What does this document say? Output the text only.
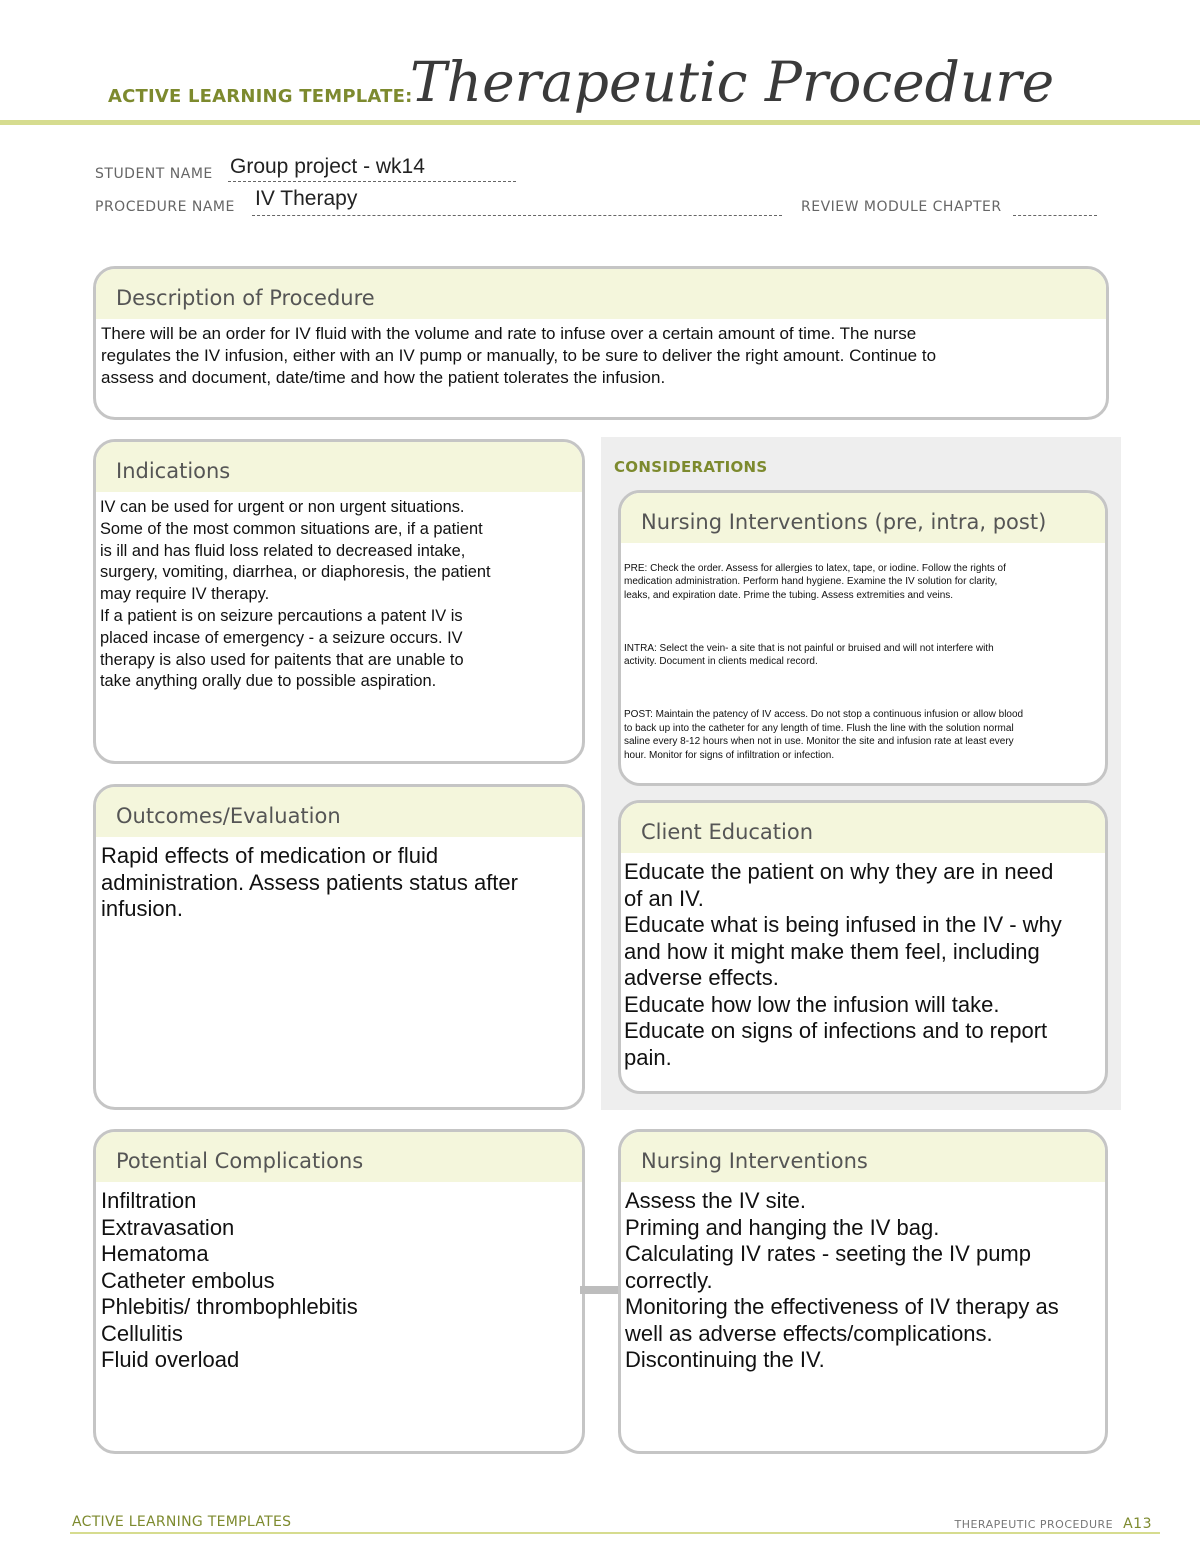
ACTIVE LEARNING TEMPLATE:
Therapeutic Procedure
STUDENT NAME Group project - wk14
PROCEDURE NAME IV Therapy	REVIEW MODULE CHAPTER
Description of Procedure
There will be an order for IV fluid with the volume and rate to infuse over a certain amount of time. The nurse
regulates the IV infusion, either with an IV pump or manually, to be sure to deliver the right amount. Continue to
assess and document, date/time and how the patient tolerates the infusion.
Indications
IV can be used for urgent or non urgent situations.
Some of the most common situations are, if a patient
is ill and has fluid loss related to decreased intake,
surgery, vomiting, diarrhea, or diaphoresis, the patient
may require IV therapy.
If a patient is on seizure percautions a patent IV is
placed incase of emergency - a seizure occurs. IV
therapy is also used for paitents that are unable to
take anything orally due to possible aspiration.
CONSIDERATIONS
Nursing Interventions (pre, intra, post)

PRE: Check the order. Assess for allergies to latex, tape, or iodine. Follow the rights of
medication administration. Perform hand hygiene. Examine the IV solution for clarity,
leaks, and expiration date. Prime the tubing. Assess extremities and veins.

INTRA: Select the vein- a site that is not painful or bruised and will not interfere with
activity. Document in clients medical record.

POST: Maintain the patency of IV access. Do not stop a continuous infusion or allow blood
to back up into the catheter for any length of time. Flush the line with the solution normal
saline every 8-12 hours when not in use. Monitor the site and infusion rate at least every
hour. Monitor for signs of infiltration or infection.

Outcomes/Evaluation
Rapid effects of medication or fluid
administration. Assess patients status after
infusion.
Client Education
Educate the patient on why they are in need
of an IV.
Educate what is being infused in the IV - why
and how it might make them feel, including
adverse effects.
Educate how low the infusion will take.
Educate on signs of infections and to report
pain.
Potential Complications
Infiltration
Extravasation
Hematoma
Catheter embolus
Phlebitis/ thrombophlebitis
Cellulitis
Fluid overload
Nursing Interventions
Assess the IV site.
Priming and hanging the IV bag.
Calculating IV rates - seeting the IV pump
correctly.
Monitoring the effectiveness of IV therapy as
well as adverse effects/complications.
Discontinuing the IV.
ACTIVE LEARNING TEMPLATES	THERAPEUTIC PROCEDURE A13
